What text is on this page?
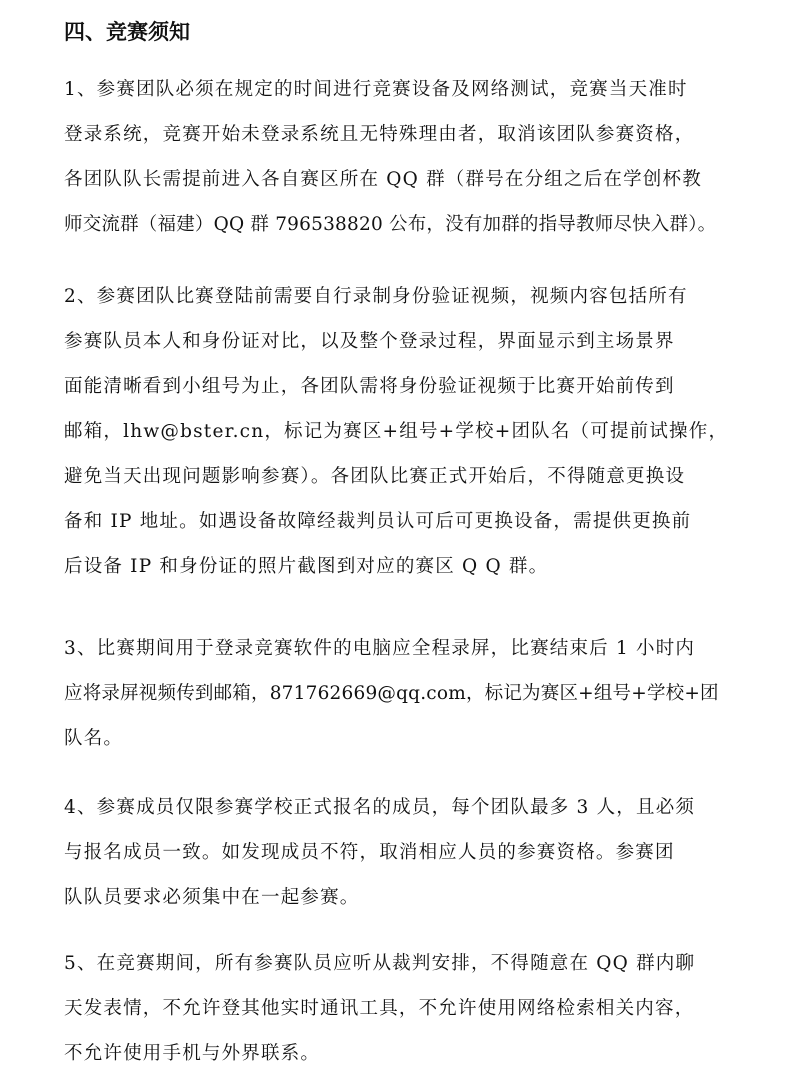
四、竞赛须知
1、参赛团队必须在规定的时间进行竞赛设备及网络测试，竞赛当天准时
登录系统，竞赛开始未登录系统且无特殊理由者，取消该团队参赛资格，
各团队队长需提前进入各自赛区所在 QQ 群（群号在分组之后在学创杯教
师交流群（福建）QQ 群 796538820 公布，没有加群的指导教师尽快入群）。
2、参赛团队比赛登陆前需要自行录制身份验证视频，视频内容包括所有
参赛队员本人和身份证对比，以及整个登录过程，界面显示到主场景界
面能清晰看到小组号为止，各团队需将身份验证视频于比赛开始前传到
邮箱，lhw@bster.cn，标记为赛区+组号+学校+团队名（可提前试操作，
避免当天出现问题影响参赛）。各团队比赛正式开始后，不得随意更换设
备和 IP 地址。如遇设备故障经裁判员认可后可更换设备，需提供更换前
后设备 IP 和身份证的照片截图到对应的赛区 Q Q 群。
3、比赛期间用于登录竞赛软件的电脑应全程录屏，比赛结束后 1 小时内
应将录屏视频传到邮箱，871762669@qq.com，标记为赛区+组号+学校+团
队名。
4、参赛成员仅限参赛学校正式报名的成员，每个团队最多 3 人，且必须
与报名成员一致。如发现成员不符，取消相应人员的参赛资格。参赛团
队队员要求必须集中在一起参赛。
5、在竞赛期间，所有参赛队员应听从裁判安排，不得随意在 QQ 群内聊
天发表情，不允许登其他实时通讯工具，不允许使用网络检索相关内容，
不允许使用手机与外界联系。
